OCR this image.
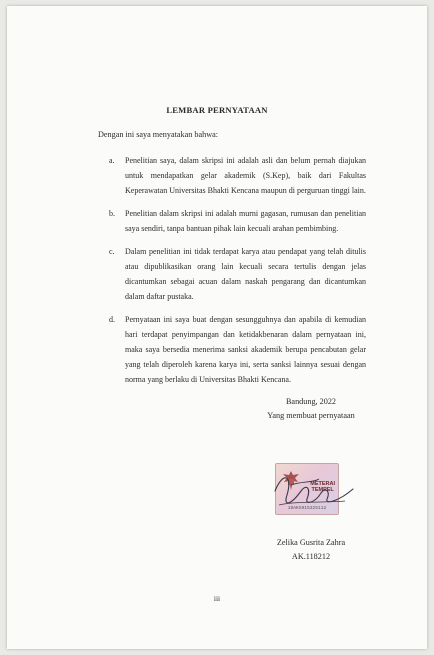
LEMBAR PERNYATAAN
Dengan ini saya menyatakan bahwa:
a.	Penelitian saya, dalam skripsi ini adalah asli dan belum pernah diajukan untuk mendapatkan gelar akademik (S.Kep), baik dari Fakultas Keperawatan Universitas Bhakti Kencana maupun di perguruan tinggi lain.
b.	Penelitian dalam skripsi ini adalah murni gagasan, rumusan dan penelitian saya sendiri, tanpa bantuan pihak lain kecuali arahan pembimbing.
c.	Dalam penelitian ini tidak terdapat karya atau pendapat yang telah ditulis atau dipublikasikan orang lain kecuali secara tertulis dengan jelas dicantumkan sebagai acuan dalam naskah pengarang dan dicantumkan dalam daftar pustaka.
d.	Pernyataan ini saya buat dengan sesungguhnya dan apabila di kemudian hari terdapat penyimpangan dan ketidakbenaran dalam pernyataan ini, maka saya bersedia menerima sanksi akademik berupa pencabutan gelar yang telah diperoleh karena karya ini, serta sanksi lainnya sesuai dengan norma yang berlaku di Universitas Bhakti Kencana.
Bandung, 2022
Yang membuat pernyataan
METERAI
TEMPEL
19AKX915325112
Zelika Gusrita Zahra
AK.118212
iii
